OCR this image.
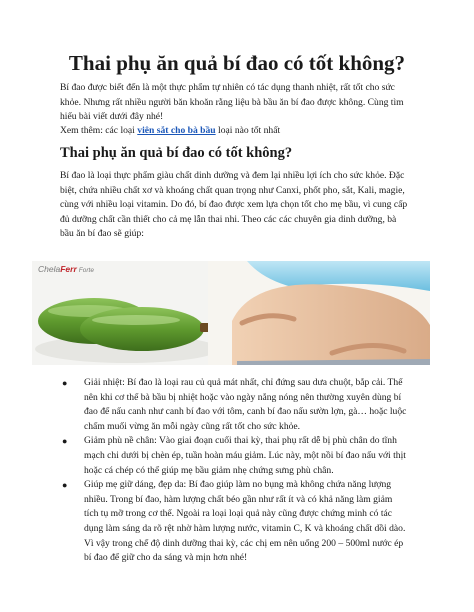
Thai phụ ăn quả bí đao có tốt không?

Bí đao được biết đến là một thực phẩm tự nhiên có tác dụng thanh nhiệt, rất tốt cho sức
khỏe. Nhưng rất nhiều người băn khoăn rằng liệu bà bầu ăn bí đao được không. Cùng tìm
hiểu bài viết dưới đây nhé!

Xem thêm: các loại viên sắt cho bà bầu loại nào tốt nhất

Thai phụ ăn quả bí đao có tốt không?

Bí đao là loại thực phẩm giàu chất dinh dưỡng và đem lại nhiều lợi ích cho sức khỏe. Đặc
biệt, chứa nhiều chất xơ và khoáng chất quan trọng như Canxi, phốt pho, sắt, Kali, magie,
cùng với nhiều loại vitamin. Do đó, bí đao được xem lựa chọn tốt cho mẹ bầu, vì cung cấp
đủ dưỡng chất cần thiết cho cả mẹ lẫn thai nhi. Theo các các chuyên gia dinh dưỡng, bà
bầu ăn bí đao sẽ giúp:

ChelaFerr Forte
● Giải nhiệt: Bí đao là loại rau củ quả mát nhất, chỉ đứng sau dưa chuột, bắp cải. Thể
nên khi cơ thể bà bầu bị nhiệt hoặc vào ngày nắng nóng nên thường xuyên dùng bí
đao để nấu canh như canh bí đao với tôm, canh bí đao nấu sườn lợn, gà… hoặc luộc
chấm muối vừng ăn mỗi ngày cũng rất tốt cho sức khỏe.
● Giảm phù nề chân: Vào giai đoạn cuối thai kỳ, thai phụ rất dễ bị phù chân do tĩnh
mạch chi dưới bị chèn ép, tuần hoàn máu giảm. Lúc này, một nồi bí đao nấu với thịt
hoặc cá chép có thể giúp mẹ bầu giảm nhẹ chứng sưng phù chân.
● Giúp mẹ giữ dáng, đẹp da: Bí đao giúp làm no bụng mà không chứa năng lượng
nhiều. Trong bí đao, hàm lượng chất béo gần như rất ít và có khả năng làm giảm
tích tụ mỡ trong cơ thể. Ngoài ra loại loại quả này cũng được chứng minh có tác
dụng làm sáng da rõ rệt nhờ hàm lượng nước, vitamin C, K và khoáng chất dồi dào.
Vì vậy trong chế độ dinh dưỡng thai kỳ, các chị em nên uống 200 – 500ml nước ép
bí đao để giữ cho da sáng và mịn hơn nhé!
